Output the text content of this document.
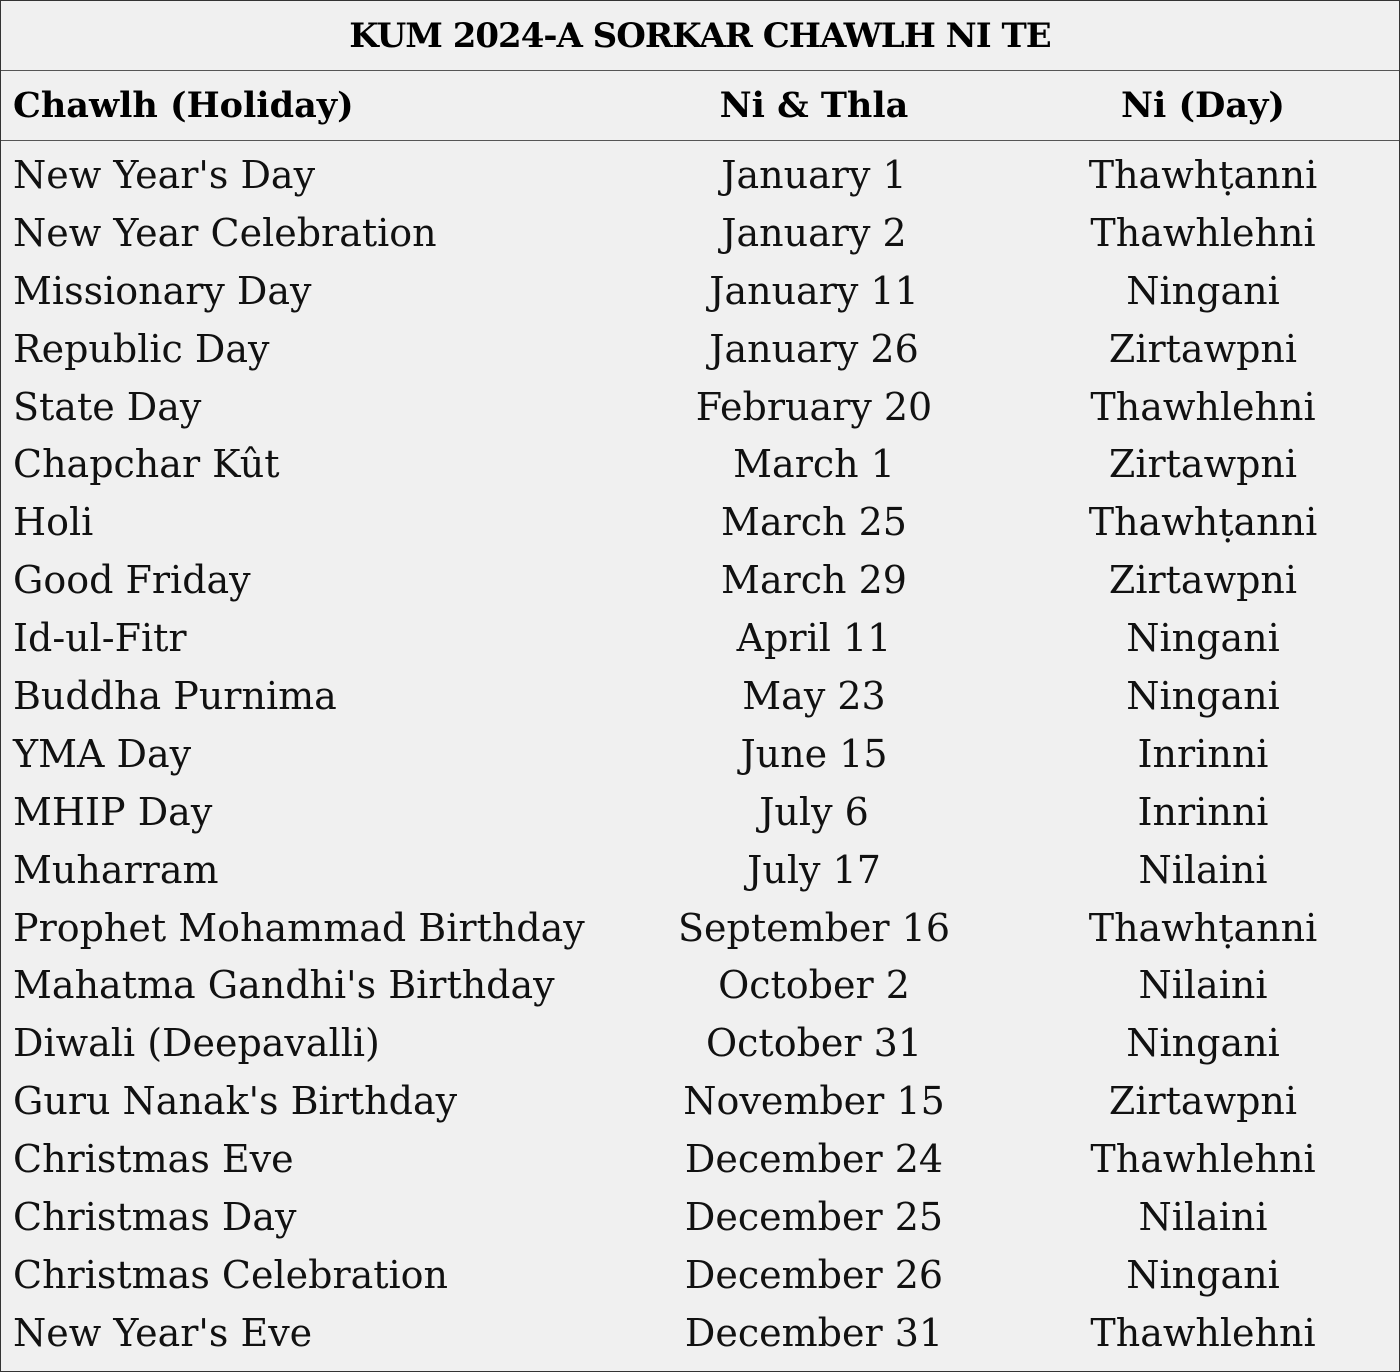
KUM 2024-A SORKAR CHAWLH NI TE
Chawlh (Holiday)	Ni & Thla	Ni (Day)
New Year's Day	January 1	Thawhṭanni
New Year Celebration	January 2	Thawhlehni
Missionary Day	January 11	Ningani
Republic Day	January 26	Zirtawpni
State Day	February 20	Thawhlehni
Chapchar Kût	March 1	Zirtawpni
Holi	March 25	Thawhṭanni
Good Friday	March 29	Zirtawpni
Id-ul-Fitr	April 11	Ningani
Buddha Purnima	May 23	Ningani
YMA Day	June 15	Inrinni
MHIP Day	July 6	Inrinni
Muharram	July 17	Nilaini
Prophet Mohammad Birthday	September 16	Thawhṭanni
Mahatma Gandhi's Birthday	October 2	Nilaini
Diwali (Deepavalli)	October 31	Ningani
Guru Nanak's Birthday	November 15	Zirtawpni
Christmas Eve	December 24	Thawhlehni
Christmas Day	December 25	Nilaini
Christmas Celebration	December 26	Ningani
New Year's Eve	December 31	Thawhlehni
